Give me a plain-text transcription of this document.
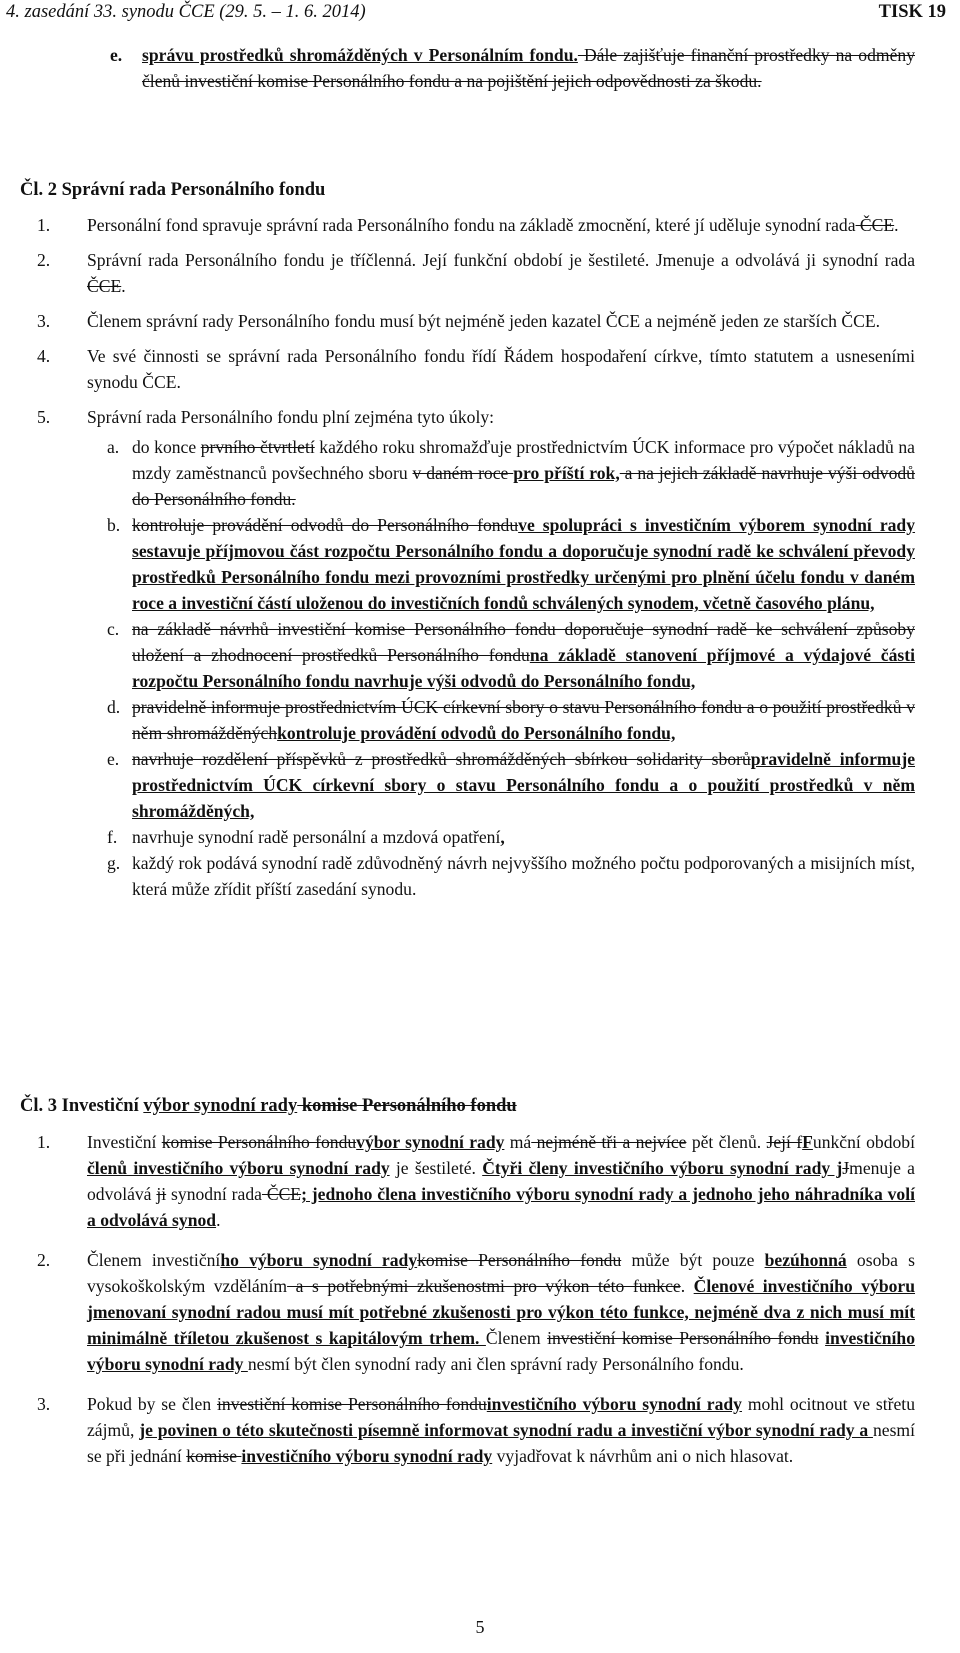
4. zasedání 33. synodu ČCE (29. 5. – 1. 6. 2014)	TISK 19
e. správu prostředků shromážděných v Personálním fondu. Dále zajišťuje finanční prostředky na odměny členů investiční komise Personálního fondu a na pojištění jejich odpovědnosti za škodu.
Čl. 2 Správní rada Personálního fondu
1. Personální fond spravuje správní rada Personálního fondu na základě zmocnění, které jí uděluje synodní rada ČCE.
2. Správní rada Personálního fondu je tříčlenná. Její funkční období je šestileté. Jmenuje a odvolává ji synodní rada ČCE.
3. Členem správní rady Personálního fondu musí být nejméně jeden kazatel ČCE a nejméně jeden ze starších ČCE.
4. Ve své činnosti se správní rada Personálního fondu řídí Řádem hospodaření církve, tímto statutem a usneseními synodu ČCE.
5. Správní rada Personálního fondu plní zejména tyto úkoly:
a. do konce prvního čtvrtletí každého roku shromažďuje prostřednictvím ÚCK informace pro výpočet nákladů na mzdy zaměstnanců povšechného sboru v daném roce pro příští rok, a na jejich základě navrhuje výši odvodů do Personálního fondu.
b. kontroluje provádění odvodů do Personálního fonduve spolupráci s investičním výborem synodní rady sestavuje příjmovou část rozpočtu Personálního fondu a doporučuje synodní radě ke schválení převody prostředků Personálního fondu mezi provozními prostředky určenými pro plnění účelu fondu v daném roce a investiční částí uloženou do investičních fondů schválených synodem, včetně časového plánu,
c. na základě návrhů investiční komise Personálního fondu doporučuje synodní radě ke schválení způsoby uložení a zhodnocení prostředků Personálního fonduna základě stanovení příjmové a výdajové části rozpočtu Personálního fondu navrhuje výši odvodů do Personálního fondu,
d. pravidelně informuje prostřednictvím ÚCK církevní sbory o stavu Personálního fondu a o použití prostředků v něm shromážděnýchkontroluje provádění odvodů do Personálního fondu,
e. navrhuje rozdělení příspěvků z prostředků shromážděných sbírkou solidarity sborůpravidelně informuje prostřednictvím ÚCK církevní sbory o stavu Personálního fondu a o použití prostředků v něm shromážděných,
f. navrhuje synodní radě personální a mzdová opatření,
g. každý rok podává synodní radě zdůvodněný návrh nejvyššího možného počtu podporovaných a misijních míst, která může zřídit příští zasedání synodu.
Čl. 3 Investiční výbor synodní rady komise Personálního fondu
1. Investiční komise Personálního fonduvýbor synodní rady má nejméně tři a nejvíce pět členů. Její fFunkční období členů investičního výboru synodní rady je šestileté. Čtyři členy investičního výboru synodní rady jJmenuje a odvolává ji synodní rada ČCE; jednoho člena investičního výboru synodní rady a jednoho jeho náhradníka volí a odvolává synod.
2. Členem investičního výboru synodní radykomise Personálního fondu může být pouze bezúhonná osoba s vysokoškolským vzděláním a s potřebnými zkušenostmi pro výkon této funkce. Členové investičního výboru jmenovaní synodní radou musí mít potřebné zkušenosti pro výkon této funkce, nejméně dva z nich musí mít minimálně tříletou zkušenost s kapitálovým trhem. Členem investiční komise Personálního fondu investičního výboru synodní rady nesmí být člen synodní rady ani člen správní rady Personálního fondu.
3. Pokud by se člen investiční komise Personálního fonduinvestičního výboru synodní rady mohl ocitnout ve střetu zájmů, je povinen o této skutečnosti písemně informovat synodní radu a investiční výbor synodní rady a nesmí se při jednání komise investičního výboru synodní rady vyjadřovat k návrhům ani o nich hlasovat.
5
